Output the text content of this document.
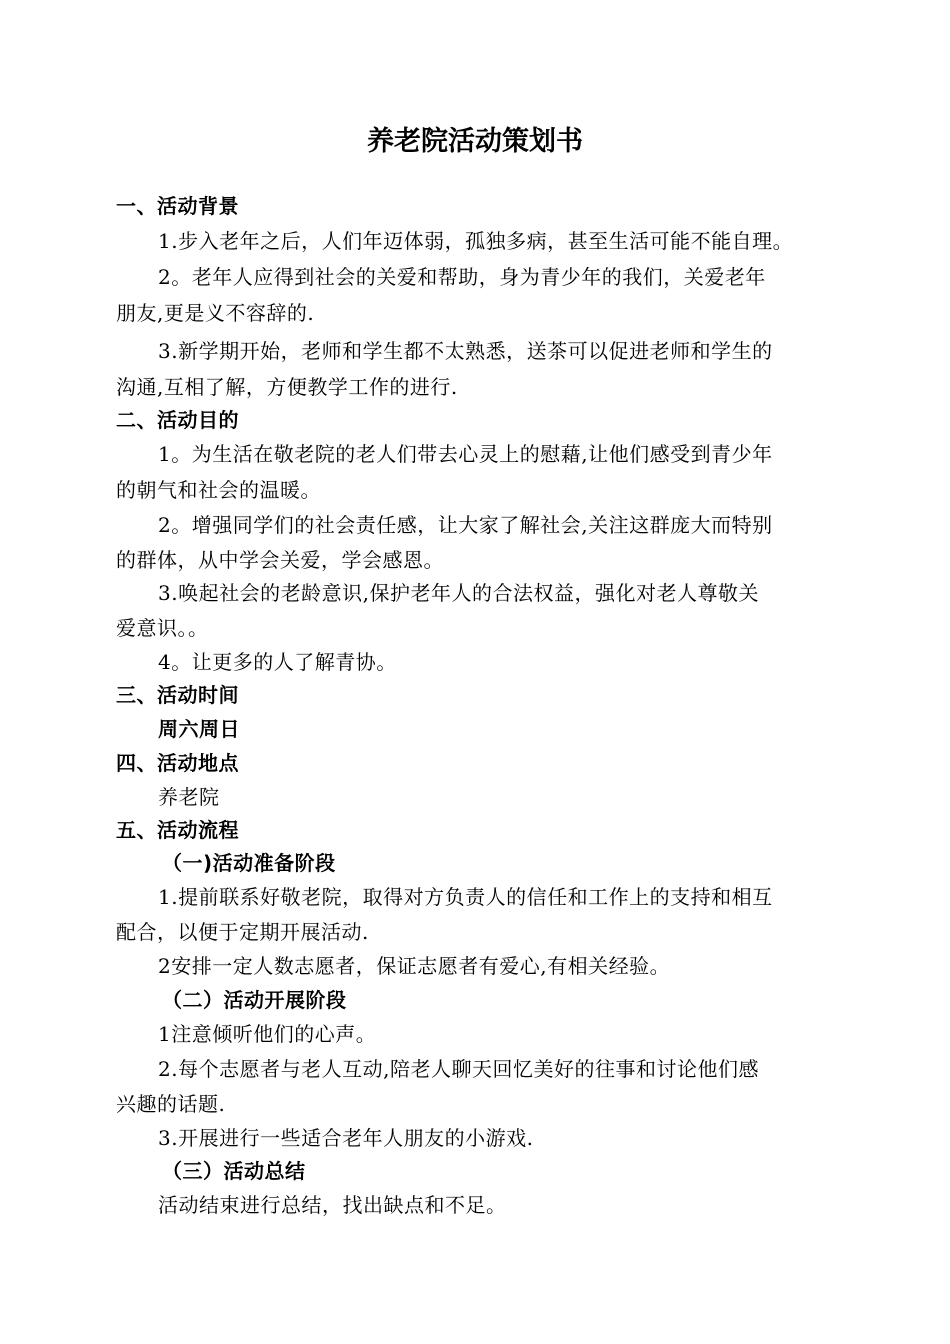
养老院活动策划书
一、活动背景
1.步入老年之后，人们年迈体弱，孤独多病，甚至生活可能不能自理。
2。老年人应得到社会的关爱和帮助，身为青少年的我们，关爱老年
朋友,更是义不容辞的.
3.新学期开始，老师和学生都不太熟悉，送茶可以促进老师和学生的
沟通,互相了解，方便教学工作的进行.
二、活动目的
1。为生活在敬老院的老人们带去心灵上的慰藉,让他们感受到青少年
的朝气和社会的温暖。
2。增强同学们的社会责任感，让大家了解社会,关注这群庞大而特别
的群体，从中学会关爱，学会感恩。
3.唤起社会的老龄意识,保护老年人的合法权益，强化对老人尊敬关
爱意识。。
4。让更多的人了解青协。
三、活动时间
周六周日
四、活动地点
养老院
五、活动流程
（一)活动准备阶段
1.提前联系好敬老院，取得对方负责人的信任和工作上的支持和相互
配合，以便于定期开展活动.
2安排一定人数志愿者，保证志愿者有爱心,有相关经验。
（二）活动开展阶段
1注意倾听他们的心声。
2.每个志愿者与老人互动,陪老人聊天回忆美好的往事和讨论他们感
兴趣的话题.
3.开展进行一些适合老年人朋友的小游戏.
（三）活动总结
活动结束进行总结，找出缺点和不足。
